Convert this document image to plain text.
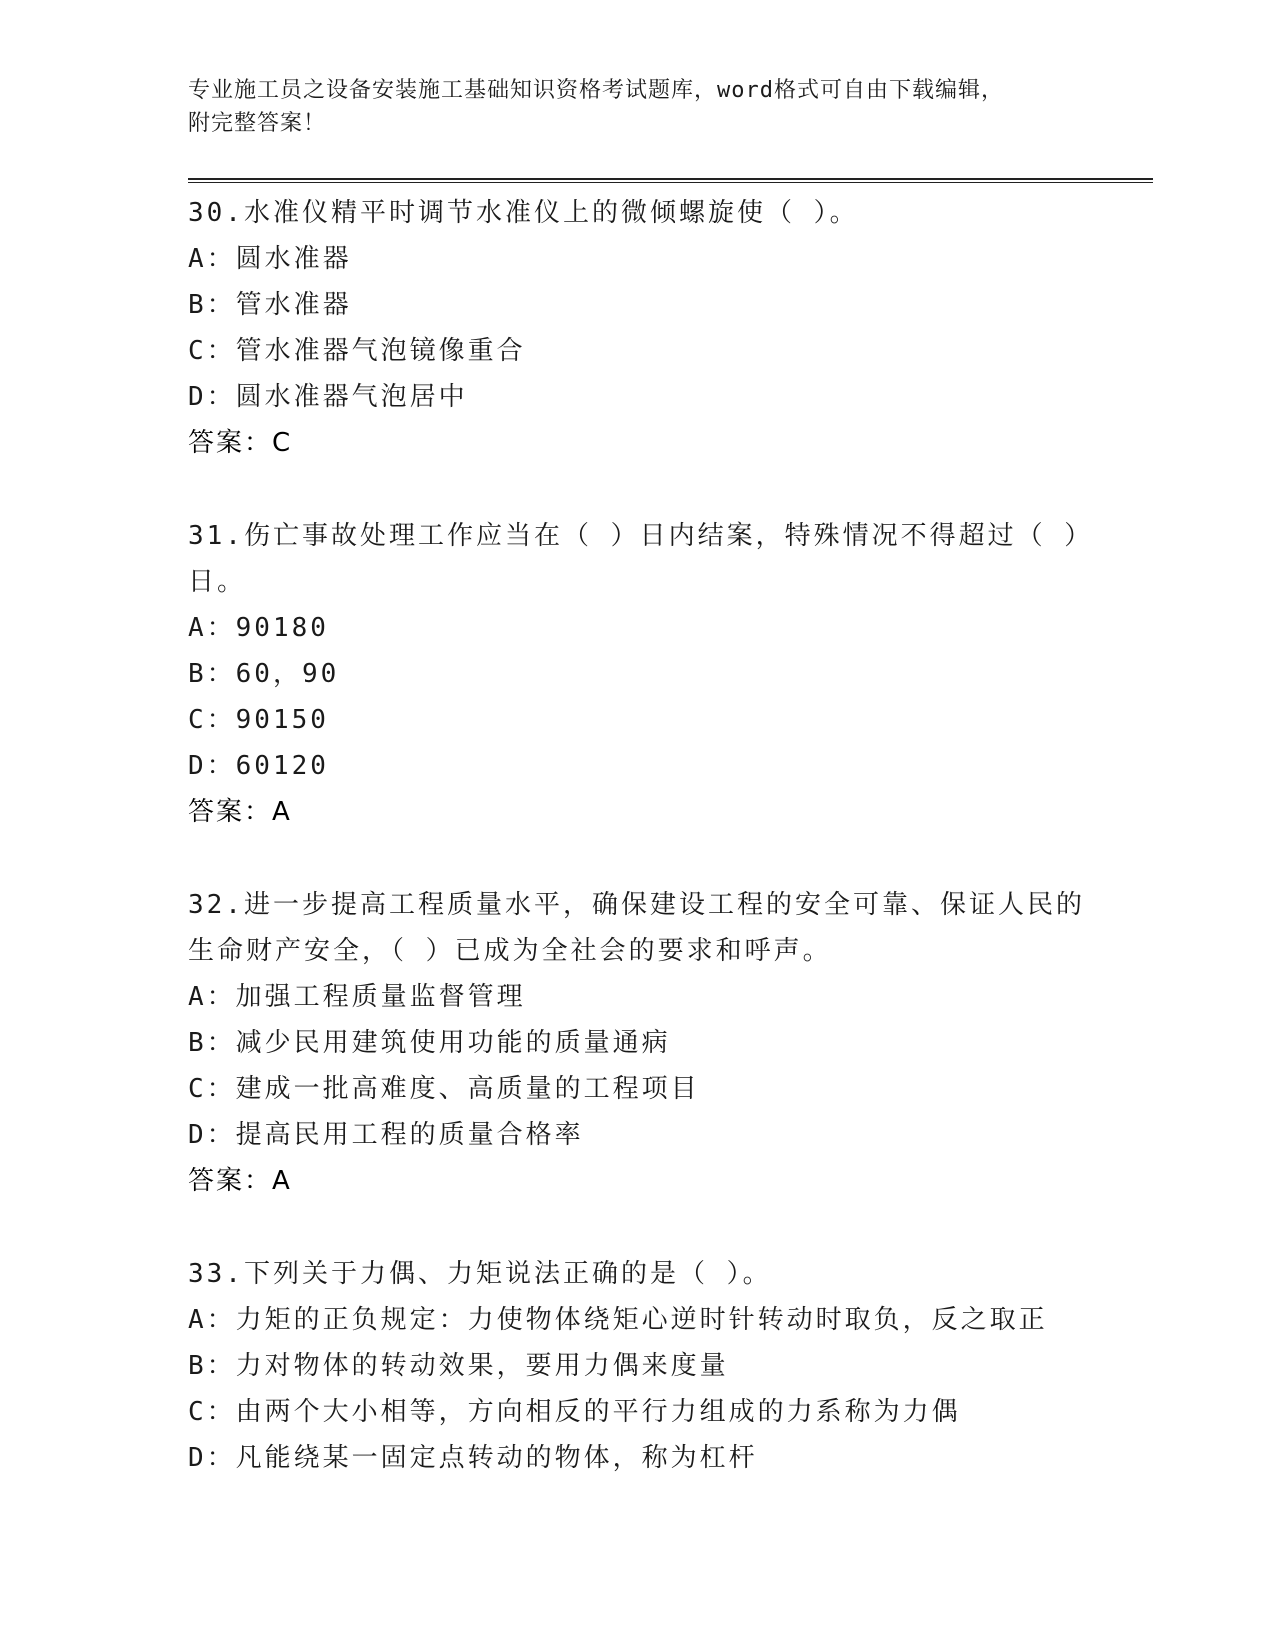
专业施工员之设备安装施工基础知识资格考试题库，word格式可自由下载编辑，
附完整答案！
30.水准仪精平时调节水准仪上的微倾螺旋使（ ）。
A：圆水准器
B：管水准器
C：管水准器气泡镜像重合
D：圆水准器气泡居中
答案：C
31.伤亡事故处理工作应当在（ ）日内结案，特殊情况不得超过（ ）
日。
A：90180
B：60，90
C：90150
D：60120
答案：A
32.进一步提高工程质量水平，确保建设工程的安全可靠、保证人民的
生命财产安全，（ ）已成为全社会的要求和呼声。
A：加强工程质量监督管理
B：减少民用建筑使用功能的质量通病
C：建成一批高难度、高质量的工程项目
D：提高民用工程的质量合格率
答案：A
33.下列关于力偶、力矩说法正确的是（ ）。
A：力矩的正负规定：力使物体绕矩心逆时针转动时取负，反之取正
B：力对物体的转动效果，要用力偶来度量
C：由两个大小相等，方向相反的平行力组成的力系称为力偶
D：凡能绕某一固定点转动的物体，称为杠杆
